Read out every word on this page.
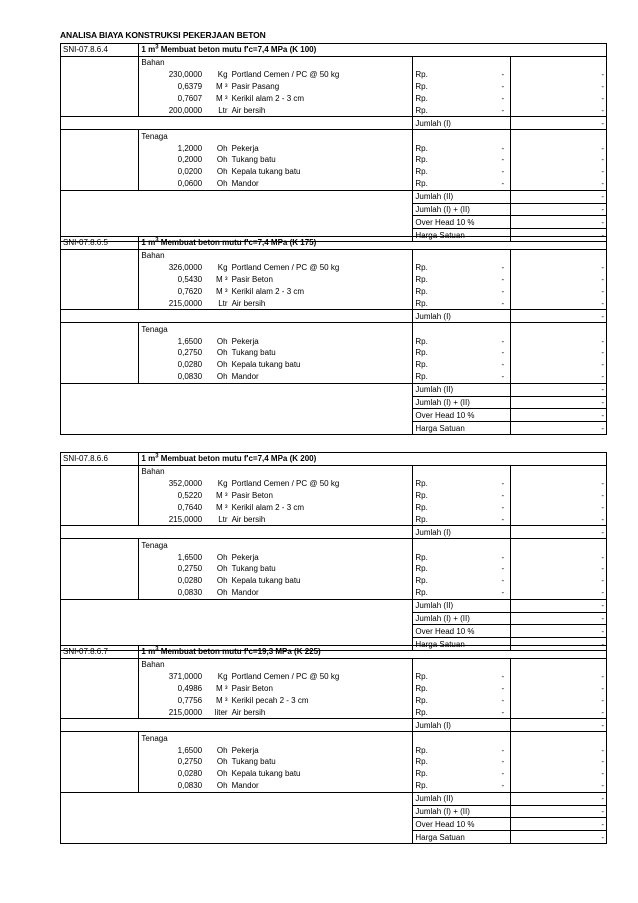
ANALISA BIAYA KONSTRUKSI PEKERJAAN BETON
SNI-07.8.6.4	1 $m^3$ Membuat beton mutu f'c=7,4 MPa (K 100)				
	Bahan				
	230,0000	Kg	Portland Cemen / PC @ 50 kg	Rp. -	-
	0,6379	M ³	Pasir Pasang	Rp. -	-
	0,7607	M ³	Kerikil alam 2 - 3 cm	Rp. -	-
	200,0000	Ltr	Air bersih	Rp. -	-
				Jumlah (I)	-
	Tenaga				
	1,2000	Oh	Pekerja	Rp. -	-
	0,2000	Oh	Tukang batu	Rp. -	-
	0,0200	Oh	Kepala tukang batu	Rp. -	-
	0,0600	Oh	Mandor	Rp. -	-
				Jumlah (II)	-
				Jumlah (I) + (II)	-
				Over Head 10 %	-
				Harga Satuan	-
SNI-07.8.6.5	1 $m^3$ Membuat beton mutu f'c=7,4 MPa (K 175)				
	Bahan				
	326,0000	Kg	Portland Cemen / PC @ 50 kg	Rp. -	-
	0,5430	M ³	Pasir Beton	Rp. -	-
	0,7620	M ³	Kerikil alam 2 - 3 cm	Rp. -	-
	215,0000	Ltr	Air bersih	Rp. -	-
				Jumlah (I)	-
	Tenaga				
	1,6500	Oh	Pekerja	Rp. -	-
	0,2750	Oh	Tukang batu	Rp. -	-
	0,0280	Oh	Kepala tukang batu	Rp. -	-
	0,0830	Oh	Mandor	Rp. -	-
				Jumlah (II)	-
				Jumlah (I) + (II)	-
				Over Head 10 %	-
				Harga Satuan	-
SNI-07.8.6.6	1 $m^3$ Membuat beton mutu f'c=7,4 MPa (K 200)				
	Bahan				
	352,0000	Kg	Portland Cemen / PC @ 50 kg	Rp. -	-
	0,5220	M ³	Pasir Beton	Rp. -	-
	0,7640	M ³	Kerikil alam 2 - 3 cm	Rp. -	-
	215,0000	Ltr	Air bersih	Rp. -	-
				Jumlah (I)	-
	Tenaga				
	1,6500	Oh	Pekerja	Rp. -	-
	0,2750	Oh	Tukang batu	Rp. -	-
	0,0280	Oh	Kepala tukang batu	Rp. -	-
	0,0830	Oh	Mandor	Rp. -	-
				Jumlah (II)	-
				Jumlah (I) + (II)	-
				Over Head 10 %	-
				Harga Satuan	-
SNI-07.8.6.7	1 $m^3$ Membuat beton mutu f'c=19,3 MPa (K 225)				
	Bahan				
	371,0000	Kg	Portland Cemen / PC @ 50 kg	Rp. -	-
	0,4986	M ³	Pasir Beton	Rp. -	-
	0,7756	M ³	Kerikil pecah 2 - 3 cm	Rp. -	-
	215,0000	liter	Air bersih	Rp. -	-
				Jumlah (I)	-
	Tenaga				
	1,6500	Oh	Pekerja	Rp. -	-
	0,2750	Oh	Tukang batu	Rp. -	-
	0,0280	Oh	Kepala tukang batu	Rp. -	-
	0,0830	Oh	Mandor	Rp. -	-
				Jumlah (II)	-
				Jumlah (I) + (II)	-
				Over Head 10 %	-
				Harga Satuan	-
